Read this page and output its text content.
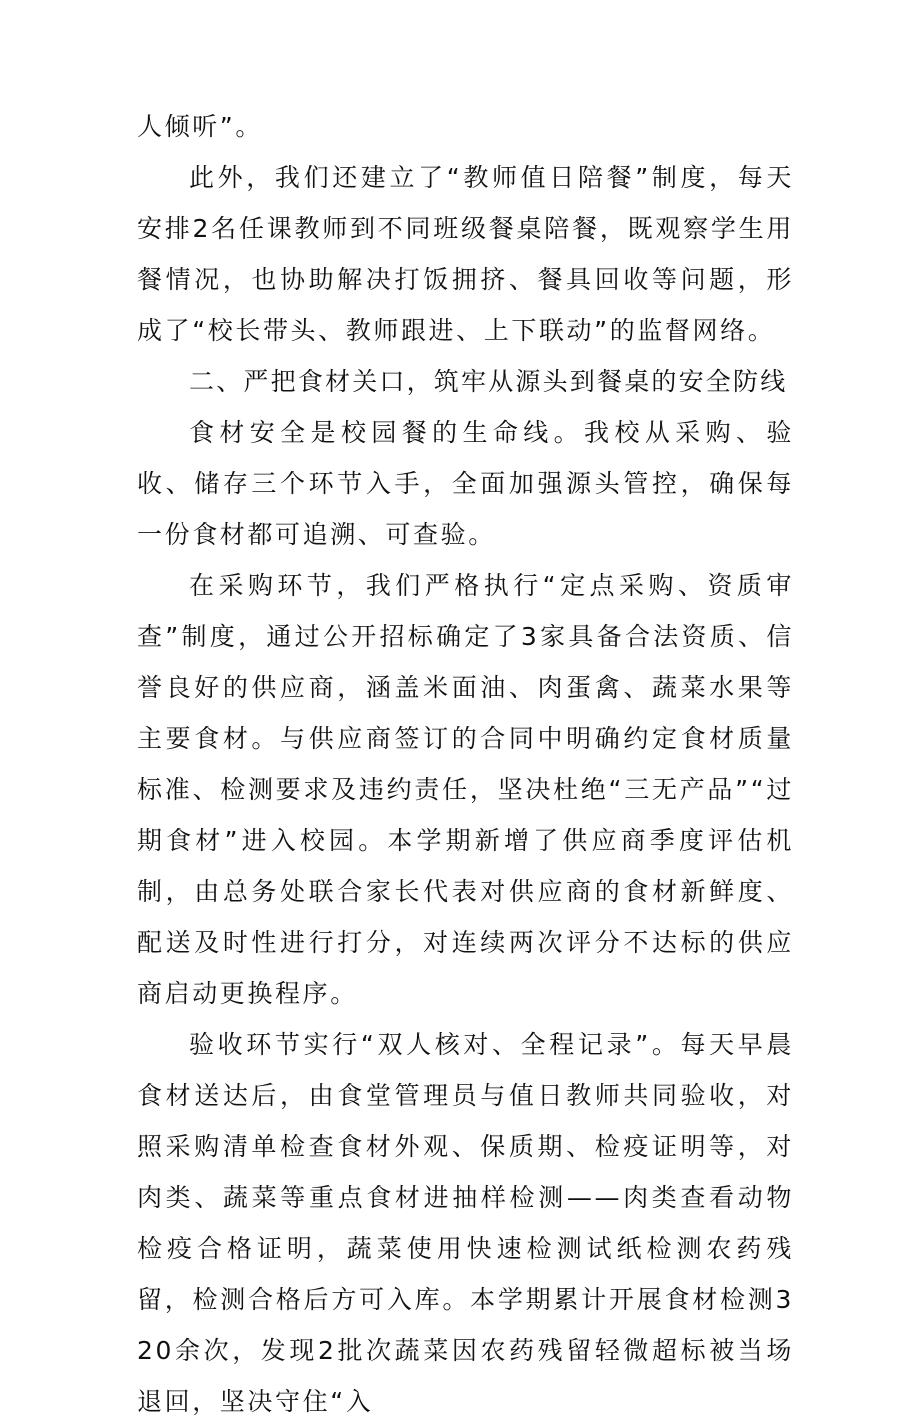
人倾听”。

此外，我们还建立了“教师值日陪餐”制度，每天安排2名任课教师到不同班级餐桌陪餐，既观察学生用餐情况，也协助解决打饭拥挤、餐具回收等问题，形成了“校长带头、教师跟进、上下联动”的监督网络。

二、严把食材关口，筑牢从源头到餐桌的安全防线

食材安全是校园餐的生命线。我校从采购、验收、储存三个环节入手，全面加强源头管控，确保每一份食材都可追溯、可查验。

在采购环节，我们严格执行“定点采购、资质审查”制度，通过公开招标确定了3家具备合法资质、信誉良好的供应商，涵盖米面油、肉蛋禽、蔬菜水果等主要食材。与供应商签订的合同中明确约定食材质量标准、检测要求及违约责任，坚决杜绝“三无产品”“过期食材”进入校园。本学期新增了供应商季度评估机制，由总务处联合家长代表对供应商的食材新鲜度、配送及时性进行打分，对连续两次评分不达标的供应商启动更换程序。

验收环节实行“双人核对、全程记录”。每天早晨食材送达后，由食堂管理员与值日教师共同验收，对照采购清单检查食材外观、保质期、检疫证明等，对肉类、蔬菜等重点食材进抽样检测——肉类查看动物检疫合格证明，蔬菜使用快速检测试纸检测农药残留，检测合格后方可入库。本学期累计开展食材检测320余次，发现2批次蔬菜因农药残留轻微超标被当场退回，坚决守住“入
